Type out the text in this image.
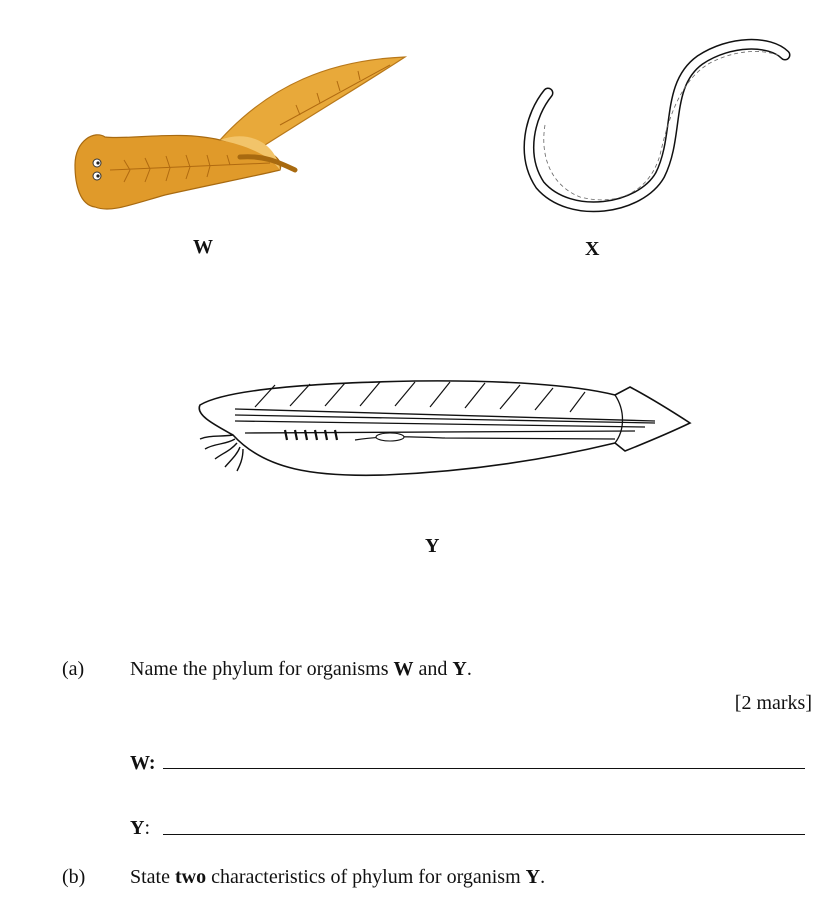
W	X
Y
(a) Name the phylum for organisms W and Y.
[2 marks]
W:
Y:
(b) State two characteristics of phylum for organism Y.
